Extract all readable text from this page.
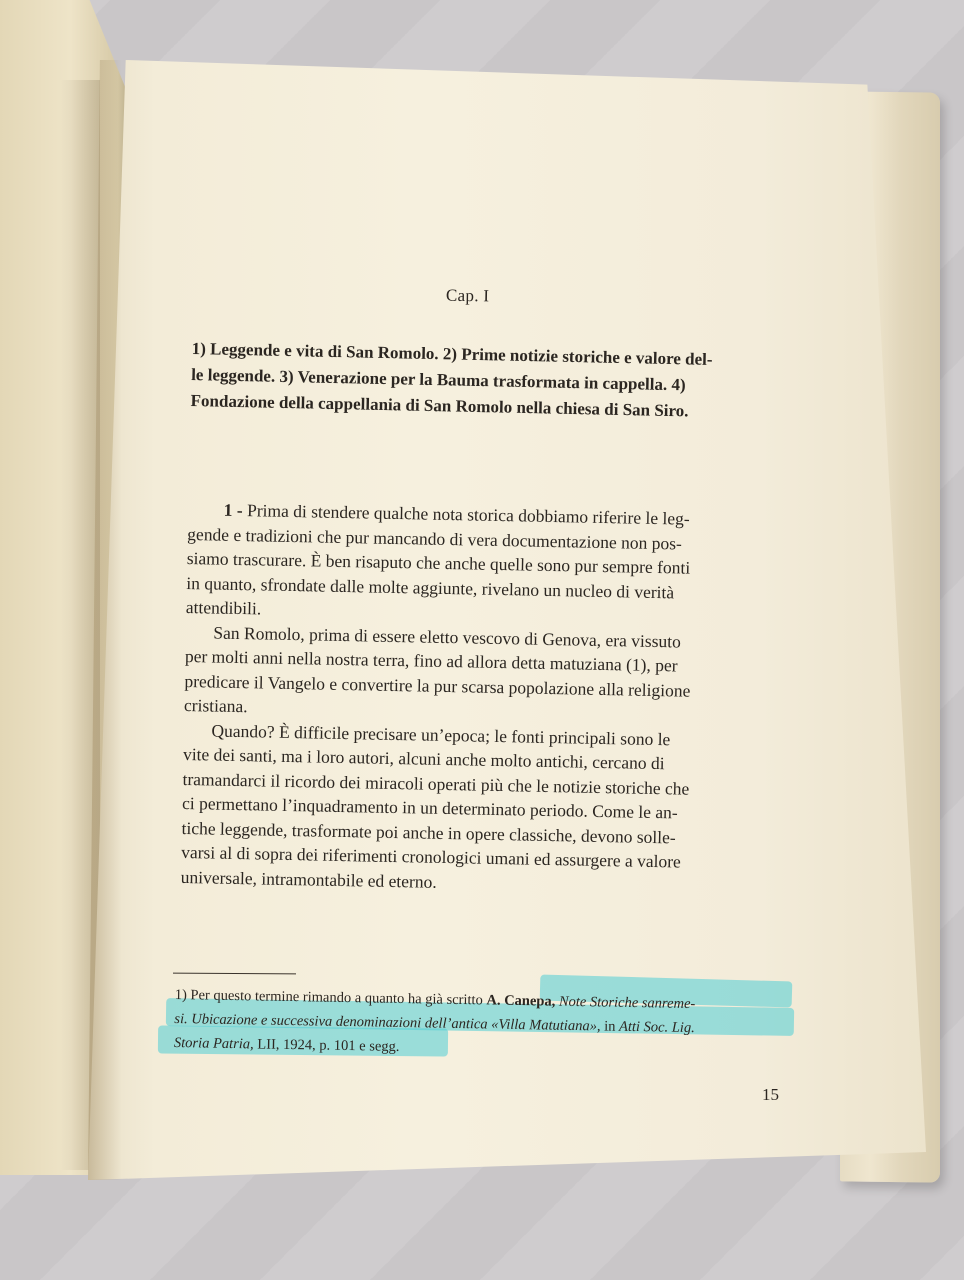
Cap. I
1) Leggende e vita di San Romolo. 2) Prime notizie storiche e valore del-
le leggende. 3) Venerazione per la Bauma trasformata in cappella. 4)
Fondazione della cappellania di San Romolo nella chiesa di San Siro.
1 - Prima di stendere qualche nota storica dobbiamo riferire le leg-
gende e tradizioni che pur mancando di vera documentazione non pos-
siamo trascurare. È ben risaputo che anche quelle sono pur sempre fonti
in quanto, sfrondate dalle molte aggiunte, rivelano un nucleo di verità
attendibili.
San Romolo, prima di essere eletto vescovo di Genova, era vissuto
per molti anni nella nostra terra, fino ad allora detta matuziana (1), per
predicare il Vangelo e convertire la pur scarsa popolazione alla religione
cristiana.
Quando? È difficile precisare un’epoca; le fonti principali sono le
vite dei santi, ma i loro autori, alcuni anche molto antichi, cercano di
tramandarci il ricordo dei miracoli operati più che le notizie storiche che
ci permettano l’inquadramento in un determinato periodo. Come le an-
tiche leggende, trasformate poi anche in opere classiche, devono solle-
varsi al di sopra dei riferimenti cronologici umani ed assurgere a valore
universale, intramontabile ed eterno.
1) Per questo termine rimando a quanto ha già scritto A. Canepa, Note Storiche sanreme-
si. Ubicazione e successiva denominazioni dell’antica «Villa Matutiana», in Atti Soc. Lig.
Storia Patria, LII, 1924, p. 101 e segg.
15
